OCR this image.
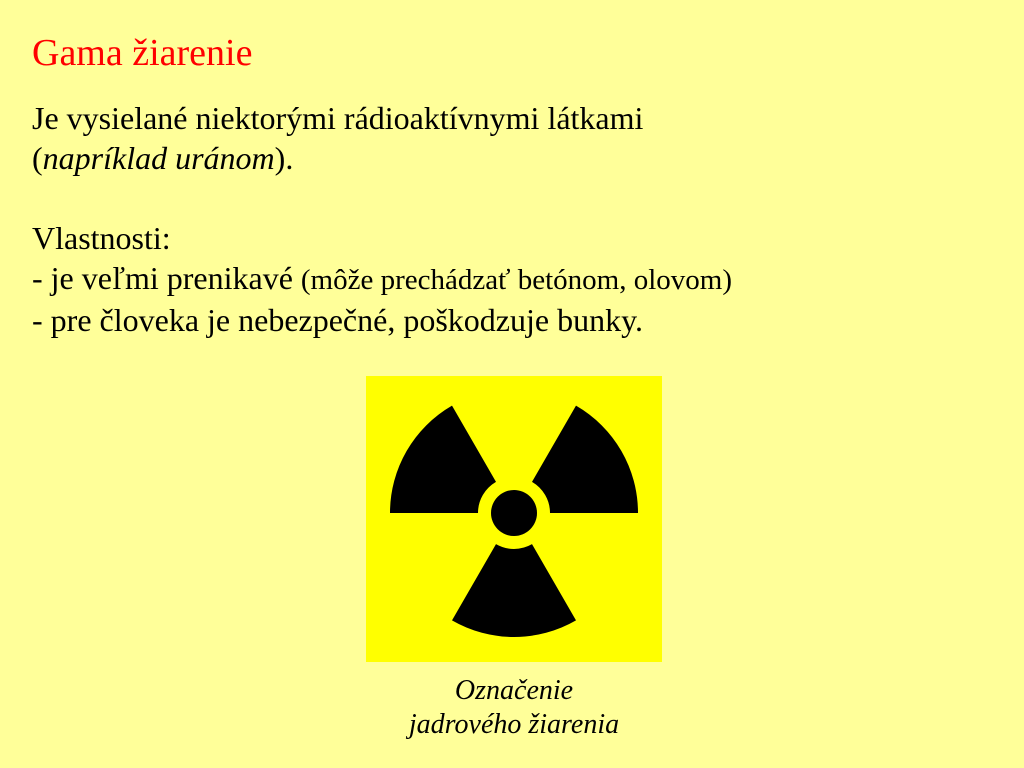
Gama žiarenie
Je vysielané niektorými rádioaktívnymi látkami
(napríklad uránom).
Vlastnosti:
- je veľmi prenikavé (môže prechádzať betónom, olovom)
- pre človeka je nebezpečné, poškodzuje bunky.
Označenie
jadrového žiarenia
